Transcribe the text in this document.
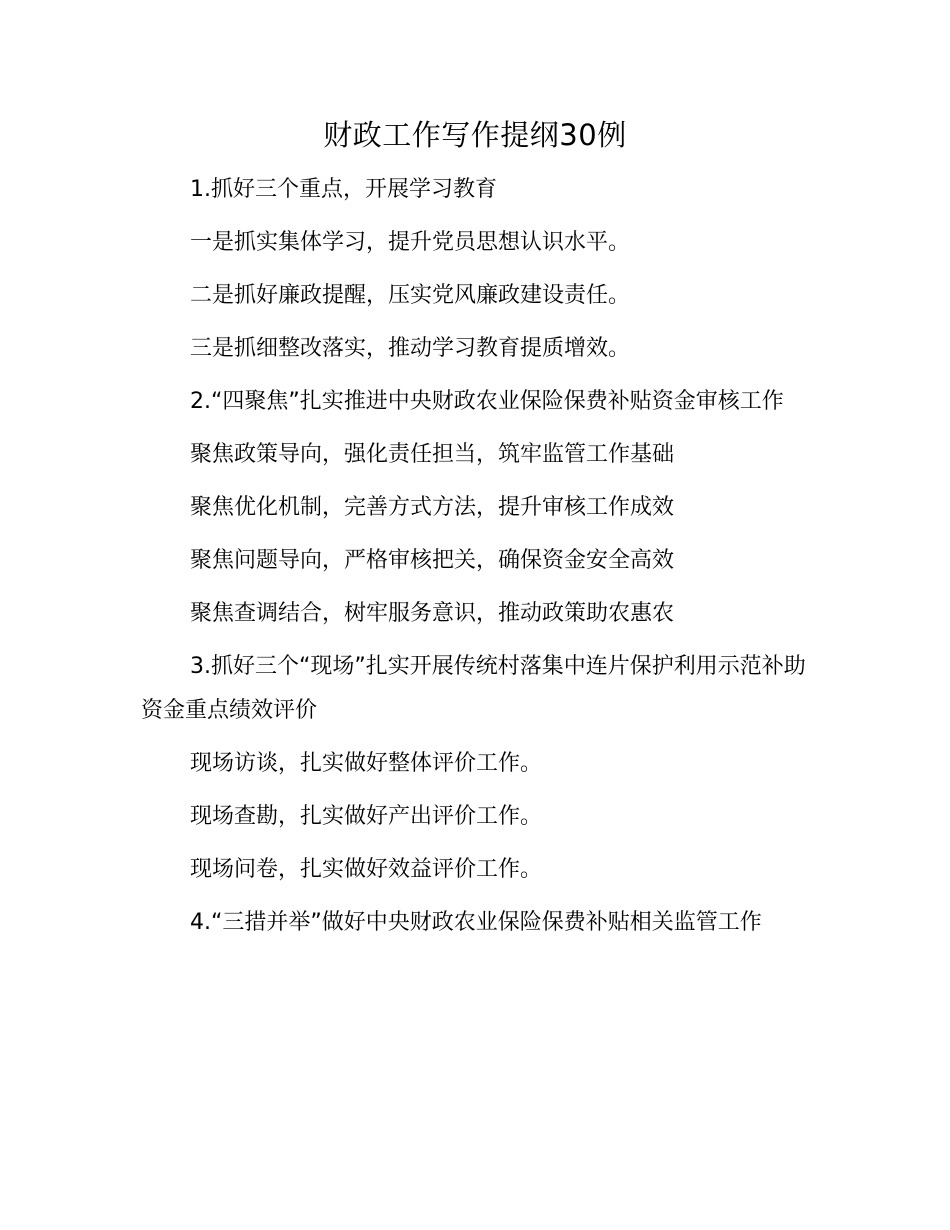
财政工作写作提纲30例

1.抓好三个重点，开展学习教育

一是抓实集体学习，提升党员思想认识水平。

二是抓好廉政提醒，压实党风廉政建设责任。

三是抓细整改落实，推动学习教育提质增效。

2.“四聚焦”扎实推进中央财政农业保险保费补贴资金审核工作

聚焦政策导向，强化责任担当，筑牢监管工作基础

聚焦优化机制，完善方式方法，提升审核工作成效

聚焦问题导向，严格审核把关，确保资金安全高效

聚焦查调结合，树牢服务意识，推动政策助农惠农

3.抓好三个“现场”扎实开展传统村落集中连片保护利用示范补助资金重点绩效评价

现场访谈，扎实做好整体评价工作。

现场查勘，扎实做好产出评价工作。

现场问卷，扎实做好效益评价工作。

4.“三措并举”做好中央财政农业保险保费补贴相关监管工作
